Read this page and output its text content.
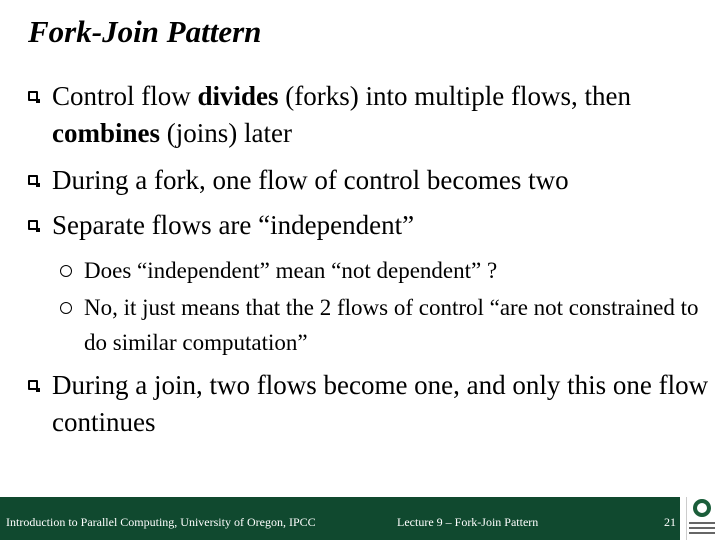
Fork-Join Pattern
Control flow divides (forks) into multiple flows, then combines (joins) later
During a fork, one flow of control becomes two
Separate flows are “independent”
Does “independent” mean “not dependent” ?
No, it just means that the 2 flows of control “are not constrained to do similar computation”
During a join, two flows become one, and only this one flow continues
Introduction to Parallel Computing, University of Oregon, IPCC	Lecture 9 – Fork-Join Pattern	21
